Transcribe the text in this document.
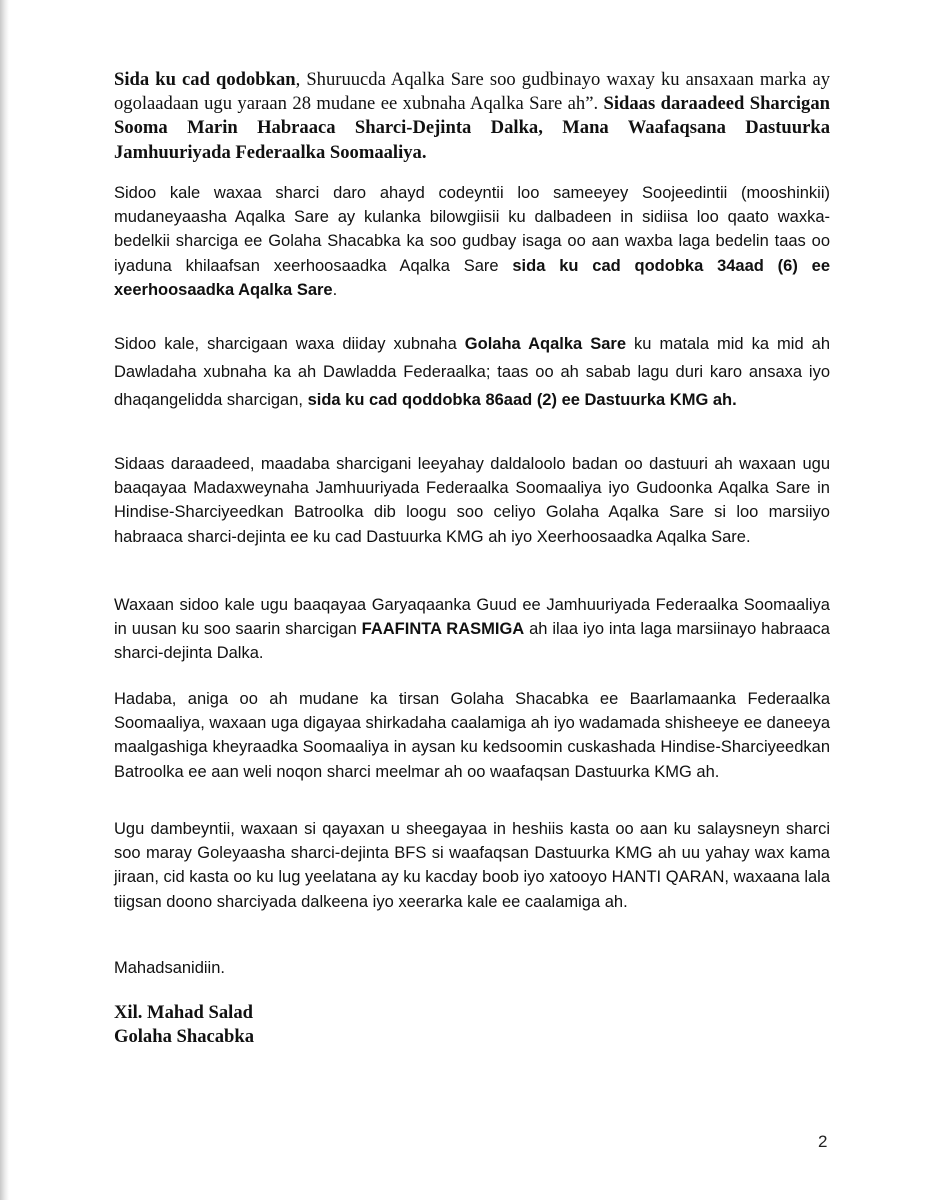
Sida ku cad qodobkan, Shuruucda Aqalka Sare soo gudbinayo waxay ku ansaxaan marka ay ogolaadaan ugu yaraan 28 mudane ee xubnaha Aqalka Sare ah”. Sidaas daraadeed Sharcigan Sooma Marin Habraaca Sharci-Dejinta Dalka, Mana Waafaqsana Dastuurka Jamhuuriyada Federaalka Soomaaliya.

Sidoo kale waxaa sharci daro ahayd codeyntii loo sameeyey Soojeedintii (mooshinkii) mudaneyaasha Aqalka Sare ay kulanka bilowgiisii ku dalbadeen in sidiisa loo qaato waxka-bedelkii sharciga ee Golaha Shacabka ka soo gudbay isaga oo aan waxba laga bedelin taas oo iyaduna khilaafsan xeerhoosaadka Aqalka Sare sida ku cad qodobka 34aad (6) ee xeerhoosaadka Aqalka Sare.

Sidoo kale, sharcigaan waxa diiday xubnaha Golaha Aqalka Sare ku matala mid ka mid ah Dawladaha xubnaha ka ah Dawladda Federaalka; taas oo ah sabab lagu duri karo ansaxa iyo dhaqangelidda sharcigan, sida ku cad qoddobka 86aad (2) ee Dastuurka KMG ah.

Sidaas daraadeed, maadaba sharcigani leeyahay daldaloolo badan oo dastuuri ah waxaan ugu baaqayaa Madaxweynaha Jamhuuriyada Federaalka Soomaaliya iyo Gudoonka Aqalka Sare in Hindise-Sharciyeedkan Batroolka dib loogu soo celiyo Golaha Aqalka Sare si loo marsiiyo habraaca sharci-dejinta ee ku cad Dastuurka KMG ah iyo Xeerhoosaadka Aqalka Sare.

Waxaan sidoo kale ugu baaqayaa Garyaqaanka Guud ee Jamhuuriyada Federaalka Soomaaliya in uusan ku soo saarin sharcigan FAAFINTA RASMIGA ah ilaa iyo inta laga marsiinayo habraaca sharci-dejinta Dalka.

Hadaba, aniga oo ah mudane ka tirsan Golaha Shacabka ee Baarlamaanka Federaalka Soomaaliya, waxaan uga digayaa shirkadaha caalamiga ah iyo wadamada shisheeye ee daneeya maalgashiga kheyraadka Soomaaliya in aysan ku kedsoomin cuskashada Hindise-Sharciyeedkan Batroolka ee aan weli noqon sharci meelmar ah oo waafaqsan Dastuurka KMG ah.

Ugu dambeyntii, waxaan si qayaxan u sheegayaa in heshiis kasta oo aan ku salaysneyn sharci soo maray Goleyaasha sharci-dejinta BFS si waafaqsan Dastuurka KMG ah uu yahay wax kama jiraan, cid kasta oo ku lug yeelatana ay ku kacday boob iyo xatooyo HANTI QARAN, waxaana lala tiigsan doono sharciyada dalkeena iyo xeerarka kale ee caalamiga ah.

Mahadsanidiin.

Xil. Mahad Salad

Golaha Shacabka

2
